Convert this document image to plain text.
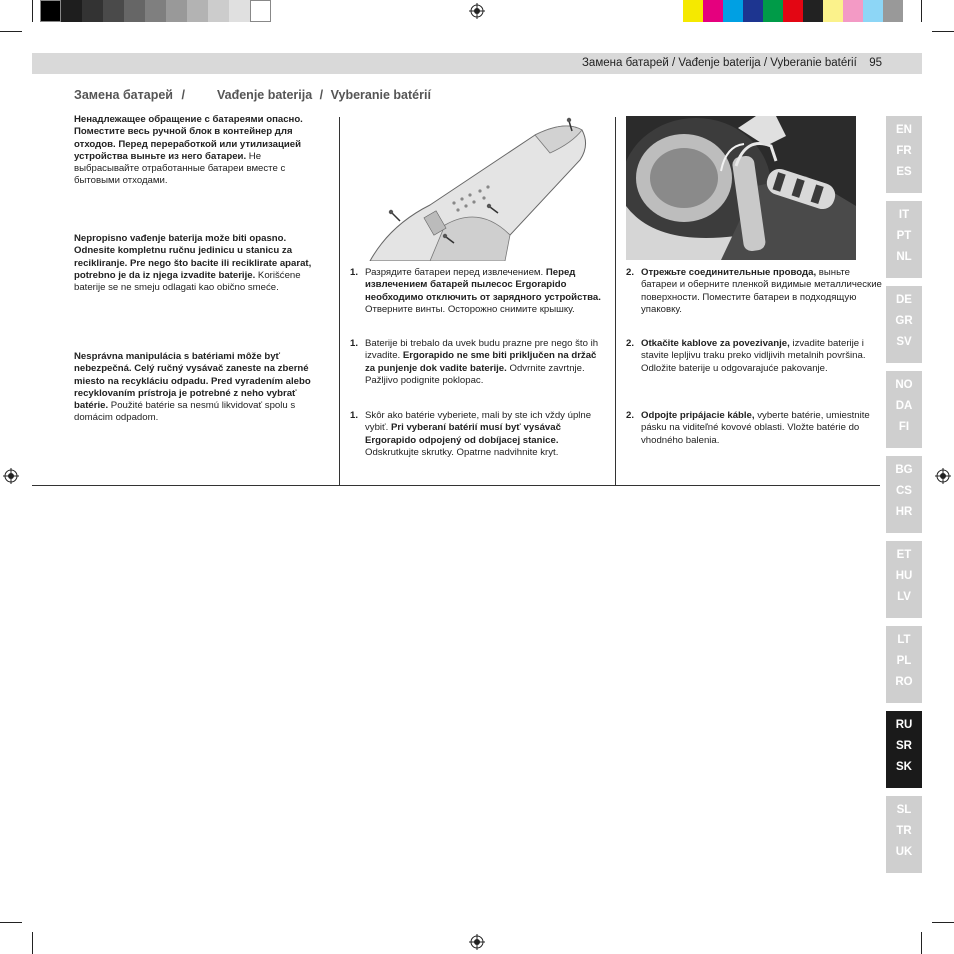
Замена батарей / Vađenje baterija / Vyberanie batérií 95
Замена батарей /	Vađenje baterija / Vyberanie batérií
Ненадлежащее обращение с батареями опасно. Поместите весь ручной блок в контейнер для отходов. Перед переработкой или утилизацией устройства выньте из него батареи. Не выбрасывайте отработанные батареи вместе с бытовыми отходами.
Nepropisno vađenje baterija može biti opasno. Odnesite kompletnu ručnu jedinicu u stanicu za recikliranje. Pre nego što bacite ili reciklirate aparat, potrebno je da iz njega izvadite baterije. Korišćene baterije se ne smeju odlagati kao obično smeće.
Nesprávna manipulácia s batériami môže byť nebezpečná. Celý ručný vysávač zaneste na zberné miesto na recykláciu odpadu. Pred vyradením alebo recyklovaním prístroja je potrebné z neho vybrať batérie. Použité batérie sa nesmú likvidovať spolu s domácim odpadom.
1. Разрядите батареи перед извлечением. Перед извлечением батарей пылесос Ergorapido необходимо отключить от зарядного устройства. Отверните винты. Осторожно снимите крышку.
1. Baterije bi trebalo da uvek budu prazne pre nego što ih izvadite. Ergorapido ne sme biti priključen na držač za punjenje dok vadite baterije. Odvrnite zavrtnje. Pažljivo podignite poklopac.
1. Skôr ako batérie vyberiete, mali by ste ich vždy úplne vybiť. Pri vyberaní batérií musí byť vysávač Ergorapido odpojený od dobíjacej stanice. Odskrutkujte skrutky. Opatrne nadvihnite kryt.
2. Отрежьте соединительные провода, выньте батареи и оберните пленкой видимые металлические поверхности. Поместите батареи в подходящую упаковку.
2. Otkačite kablove za povezivanje, izvadite baterije i stavite lepljivu traku preko vidljivih metalnih površina. Odložite baterije u odgovarajuće pakovanje.
2. Odpojte pripájacie káble, vyberte batérie, umiestnite pásku na viditeľné kovové oblasti. Vložte batérie do vhodného balenia.
EN
FR
ES
IT
PT
NL
DE
GR
SV
NO
DA
FI
BG
CS
HR
ET
HU
LV
LT
PL
RO
RU
SR
SK
SL
TR
UK
